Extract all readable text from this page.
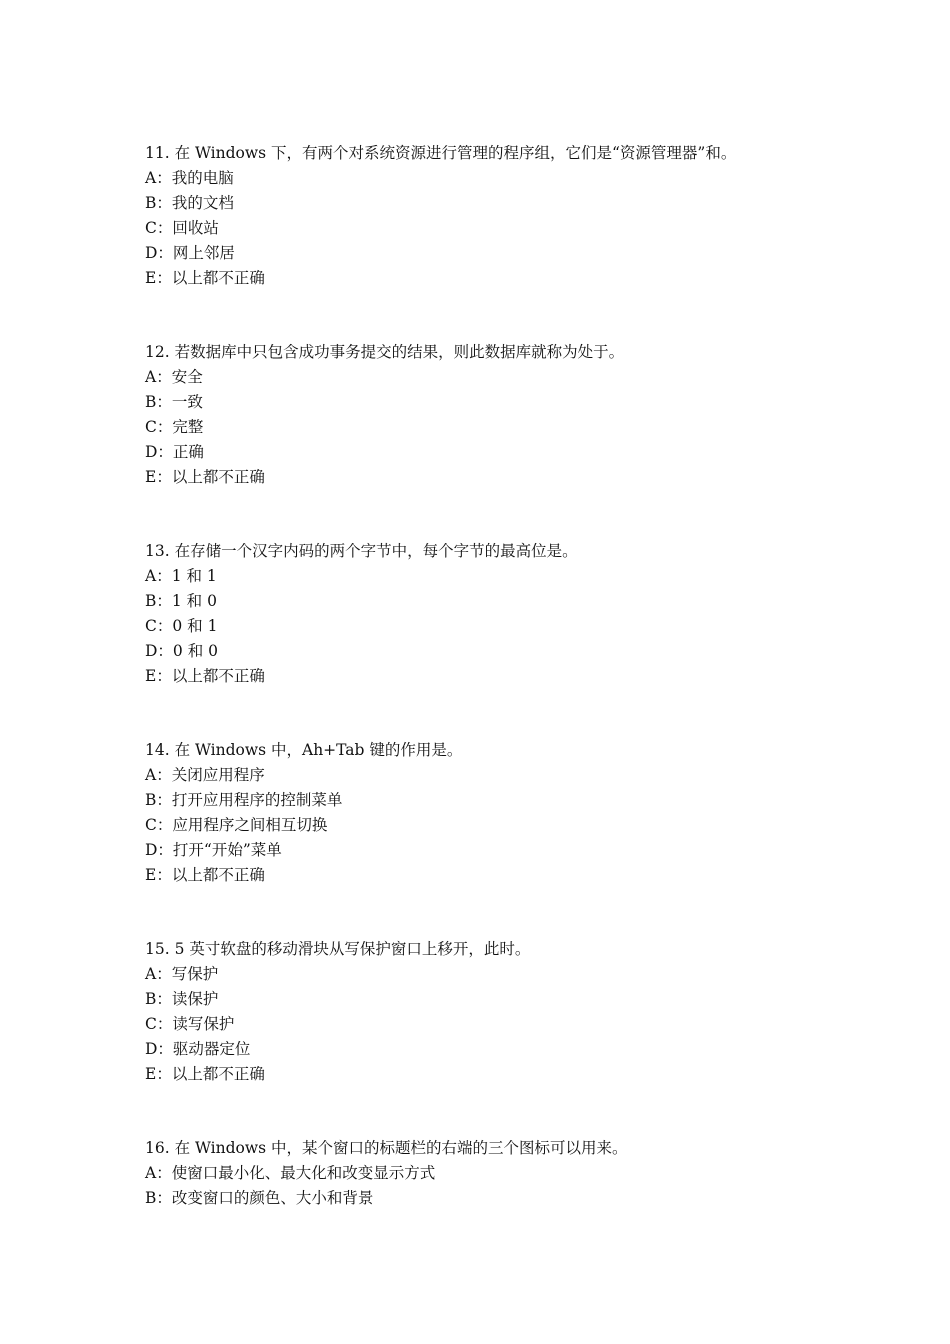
11. 在 Windows 下，有两个对系统资源进行管理的程序组，它们是“资源管理器”和。
A：我的电脑
B：我的文档
C：回收站
D：网上邻居
E：以上都不正确
12. 若数据库中只包含成功事务提交的结果，则此数据库就称为处于。
A：安全
B：一致
C：完整
D：正确
E：以上都不正确
13. 在存储一个汉字内码的两个字节中，每个字节的最高位是。
A：1 和 1
B：1 和 0
C：0 和 1
D：0 和 0
E：以上都不正确
14. 在 Windows 中，Ah+Tab 键的作用是。
A：关闭应用程序
B：打开应用程序的控制菜单
C：应用程序之间相互切换
D：打开“开始”菜单
E：以上都不正确
15. 5 英寸软盘的移动滑块从写保护窗口上移开，此时。
A：写保护
B：读保护
C：读写保护
D：驱动器定位
E：以上都不正确
16. 在 Windows 中，某个窗口的标题栏的右端的三个图标可以用来。
A：使窗口最小化、最大化和改变显示方式
B：改变窗口的颜色、大小和背景
